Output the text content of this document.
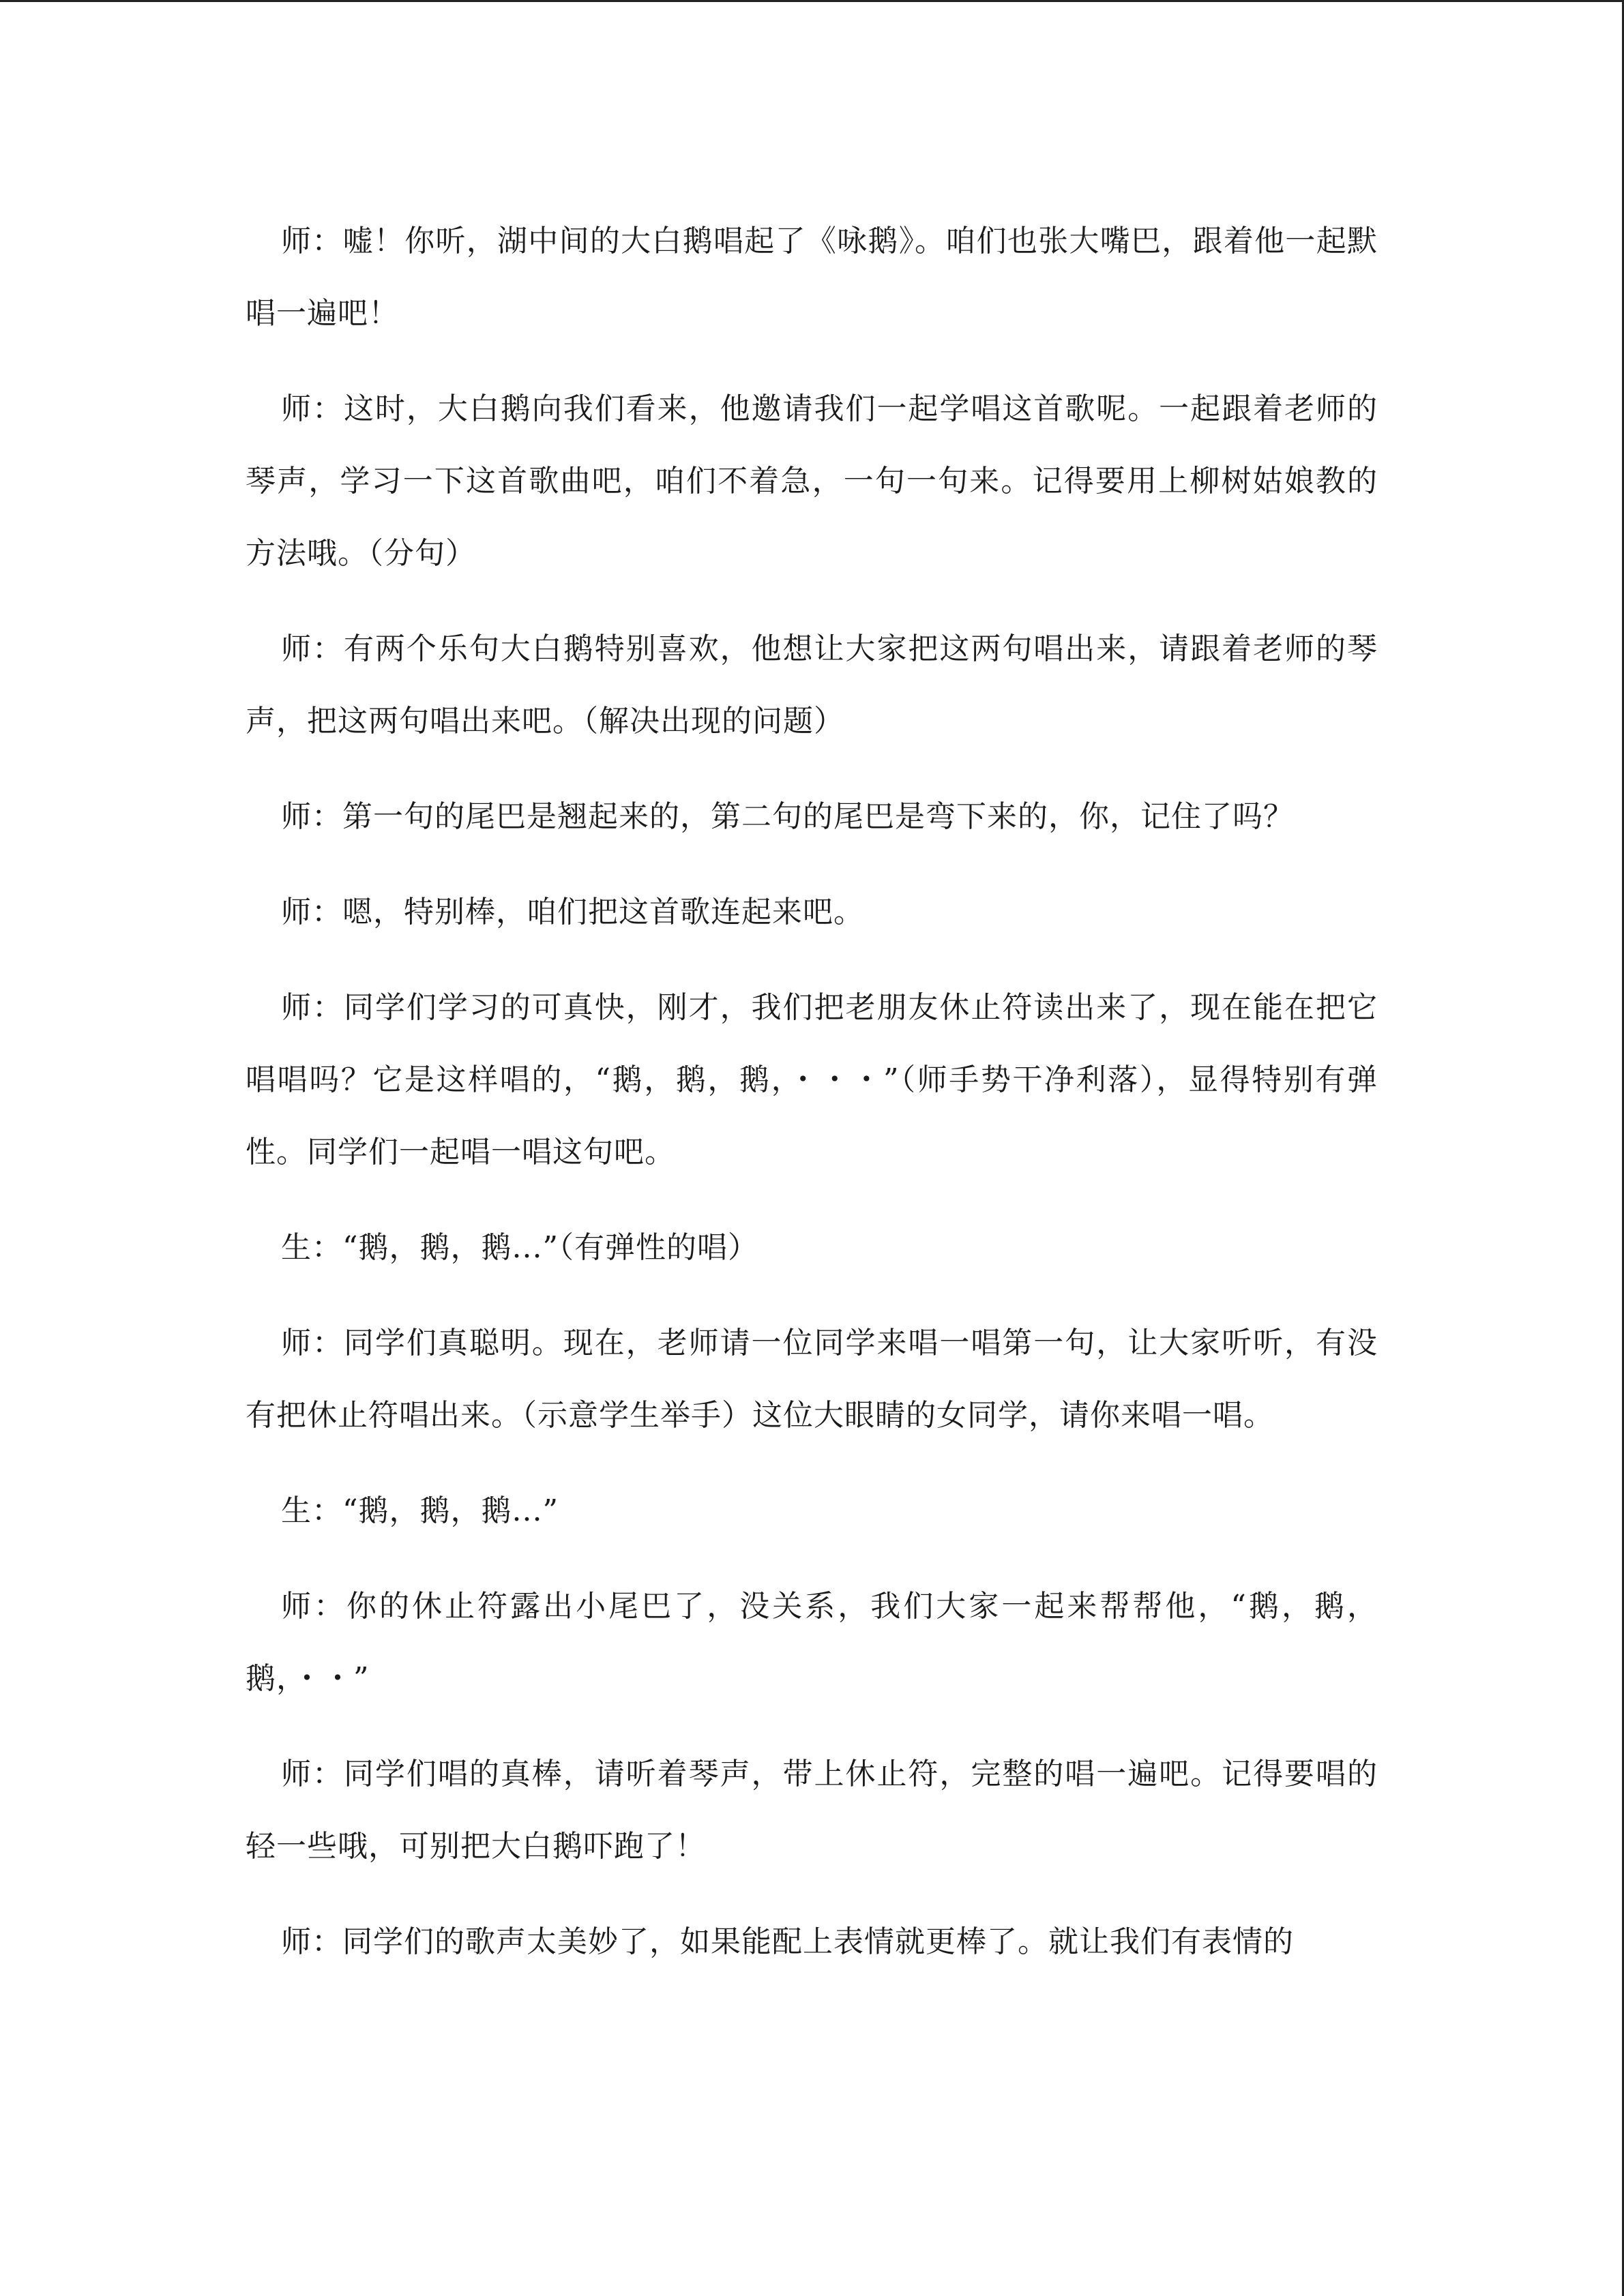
师：嘘！你听，湖中间的大白鹅唱起了《咏鹅》。咱们也张大嘴巴，跟着他一起默唱一遍吧！

师：这时，大白鹅向我们看来，他邀请我们一起学唱这首歌呢。一起跟着老师的琴声，学习一下这首歌曲吧，咱们不着急，一句一句来。记得要用上柳树姑娘教的方法哦。（分句）

师：有两个乐句大白鹅特别喜欢，他想让大家把这两句唱出来，请跟着老师的琴声，把这两句唱出来吧。（解决出现的问题）

师：第一句的尾巴是翘起来的，第二句的尾巴是弯下来的，你，记住了吗？

师：嗯，特别棒，咱们把这首歌连起来吧。

师：同学们学习的可真快，刚才，我们把老朋友休止符读出来了，现在能在把它唱唱吗？它是这样唱的，“鹅，鹅，鹅，・・・”（师手势干净利落），显得特别有弹性。同学们一起唱一唱这句吧。

生：“鹅，鹅，鹅...”（有弹性的唱）

师：同学们真聪明。现在，老师请一位同学来唱一唱第一句，让大家听听，有没有把休止符唱出来。（示意学生举手）这位大眼睛的女同学，请你来唱一唱。

生：“鹅，鹅，鹅...”

师：你的休止符露出小尾巴了，没关系，我们大家一起来帮帮他，“鹅，鹅，鹅，・・”

师：同学们唱的真棒，请听着琴声，带上休止符，完整的唱一遍吧。记得要唱的轻一些哦，可别把大白鹅吓跑了！

师：同学们的歌声太美妙了，如果能配上表情就更棒了。就让我们有表情的
